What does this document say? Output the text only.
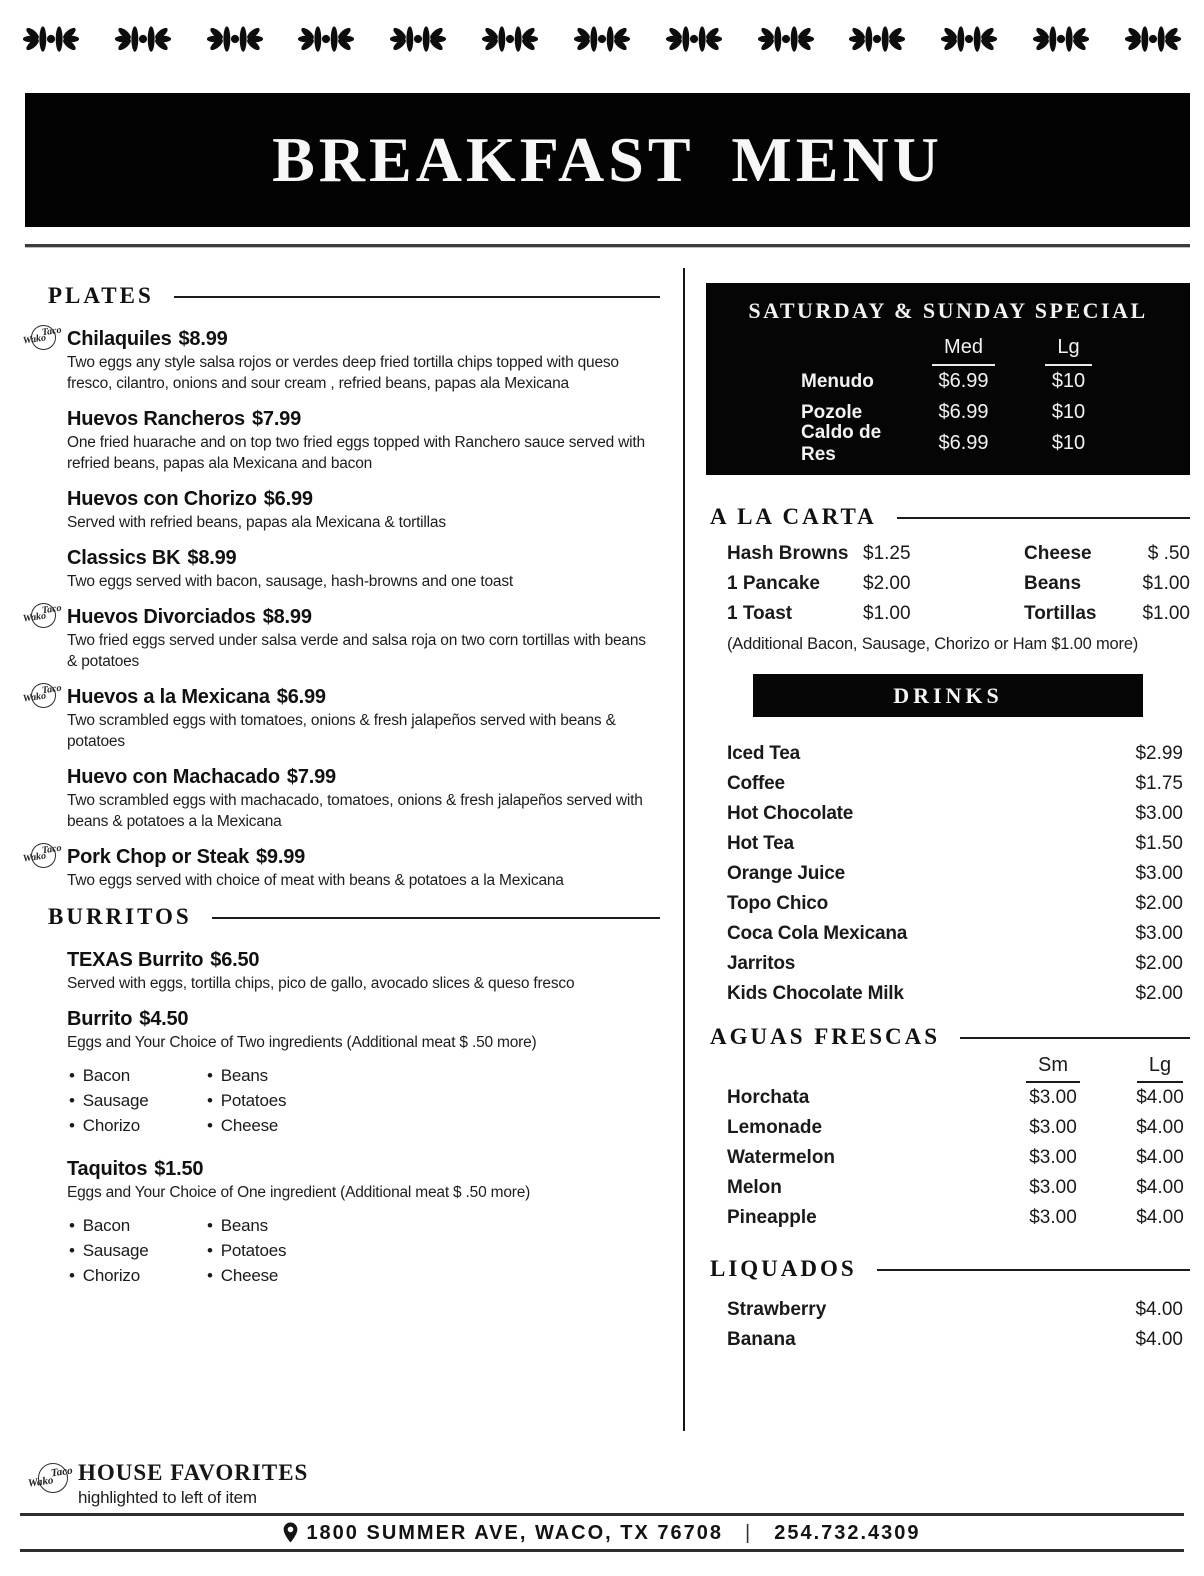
BREAKFAST MENU
PLATES
Wako
Taco Chilaquiles $8.99
Two eggs any style salsa rojos or verdes deep fried tortilla chips topped with queso fresco, cilantro, onions and sour cream , refried beans, papas ala Mexicana
Huevos Rancheros $7.99
One fried huarache and on top two fried eggs topped with Ranchero sauce served with refried beans, papas ala Mexicana and bacon
Huevos con Chorizo $6.99
Served with refried beans, papas ala Mexicana & tortillas
Classics BK $8.99
Two eggs served with bacon, sausage, hash-browns and one toast
Wako
Taco Huevos Divorciados $8.99
Two fried eggs served under salsa verde and salsa roja on two corn tortillas with beans & potatoes
Wako
Taco Huevos a la Mexicana $6.99
Two scrambled eggs with tomatoes, onions & fresh jalapeños served with beans & potatoes
Huevo con Machacado $7.99
Two scrambled eggs with machacado, tomatoes, onions & fresh jalapeños served with beans & potatoes a la Mexicana
Wako
Taco Pork Chop or Steak $9.99
Two eggs served with choice of meat with beans & potatoes a la Mexicana
BURRITOS
TEXAS Burrito $6.50
Served with eggs, tortilla chips, pico de gallo, avocado slices & queso fresco
Burrito $4.50
Eggs and Your Choice of Two ingredients (Additional meat $ .50 more)
• Bacon
• Sausage
• Chorizo
• Beans
• Potatoes
• Cheese
Taquitos $1.50
Eggs and Your Choice of One ingredient (Additional meat $ .50 more)
• Bacon
• Sausage
• Chorizo
• Beans
• Potatoes
• Cheese
SATURDAY & SUNDAY SPECIAL
Med	Lg
Menudo	$6.99	$10
Pozole	$6.99	$10
Caldo de Res	$6.99	$10
A LA CARTA
Hash Browns $1.25	Cheese	$ .50
1 Pancake	$2.00	Beans	$1.00
1 Toast	$1.00	Tortillas	$1.00
(Additional Bacon, Sausage, Chorizo or Ham $1.00 more)
DRINKS
Iced Tea	$2.99
Coffee	$1.75
Hot Chocolate	$3.00
Hot Tea	$1.50
Orange Juice	$3.00
Topo Chico	$2.00
Coca Cola Mexicana	$3.00
Jarritos	$2.00
Kids Chocolate Milk	$2.00
AGUAS FRESCAS
Sm	Lg
Horchata	$3.00	$4.00
Lemonade	$3.00	$4.00
Watermelon	$3.00	$4.00
Melon	$3.00	$4.00
Pineapple	$3.00	$4.00
LIQUADOS
Strawberry	$4.00
Banana	$4.00
Wako
Taco HOUSE FAVORITES
highlighted to left of item
1800 SUMMER AVE, WACO, TX 76708 | 254.732.4309
